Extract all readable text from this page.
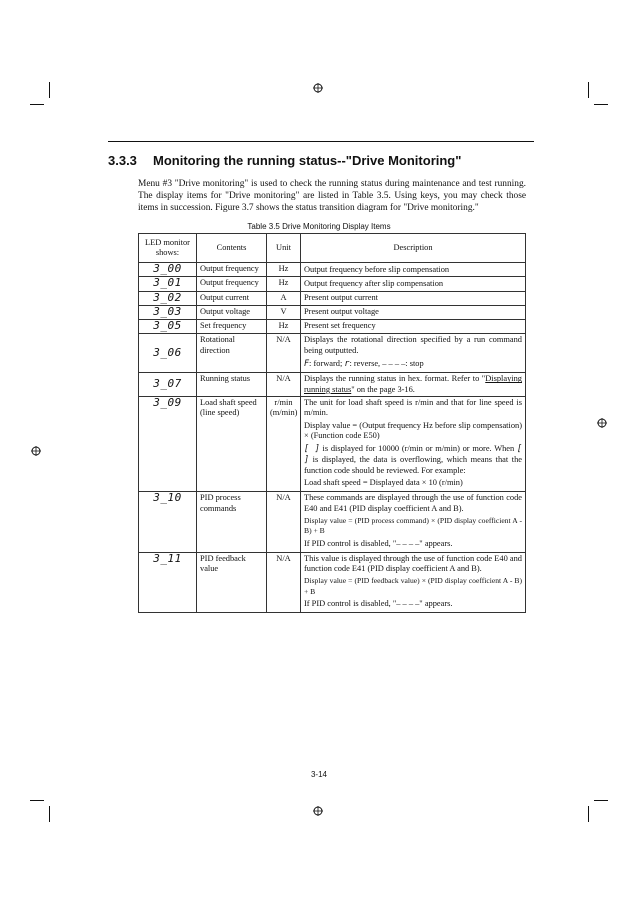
3.3.3 Monitoring the running status--"Drive Monitoring"
Menu #3 "Drive monitoring" is used to check the running status during maintenance and test running. The display items for "Drive monitoring" are listed in Table 3.5. Using keys, you may check those items in succession. Figure 3.7 shows the status transition diagram for "Drive monitoring."
Table 3.5 Drive Monitoring Display Items
LED monitor shows:	Contents	Unit	Description
3_00	Output frequency	Hz	Output frequency before slip compensation
3_01	Output frequency	Hz	Output frequency after slip compensation
3_02	Output current	A	Present output current
3_03	Output voltage	V	Present output voltage
3_05	Set frequency	Hz	Present set frequency
3_06	Rotational direction	N/A	Displays the rotational direction specified by a run command being outputted.

F: forward; r: reverse, – – – –: stop

3_07	Running status	N/A	Displays the running status in hex. format. Refer to "Displaying running status" on the page 3-16.
3_09	Load shaft speed (line speed)	r/min (m/min)	The unit for load shaft speed is r/min and that for line speed is m/min.

Display value = (Output frequency Hz before slip compensation) × (Function code E50)

[ ] is displayed for 10000 (r/min or m/min) or more. When [ ] is displayed, the data is overflowing, which means that the function code should be reviewed. For example:

Load shaft speed = Displayed data × 10 (r/min)

3_10	PID process commands	N/A	These commands are displayed through the use of function code E40 and E41 (PID display coefficient A and B).

Display value = (PID process command) × (PID display coefficient A - B) + B

If PID control is disabled, "– – – –" appears.

3_11	PID feedback value	N/A	This value is displayed through the use of function code E40 and function code E41 (PID display coefficient A and B).

Display value = (PID feedback value) × (PID display coefficient A - B) + B

If PID control is disabled, "– – – –" appears.

3-14
